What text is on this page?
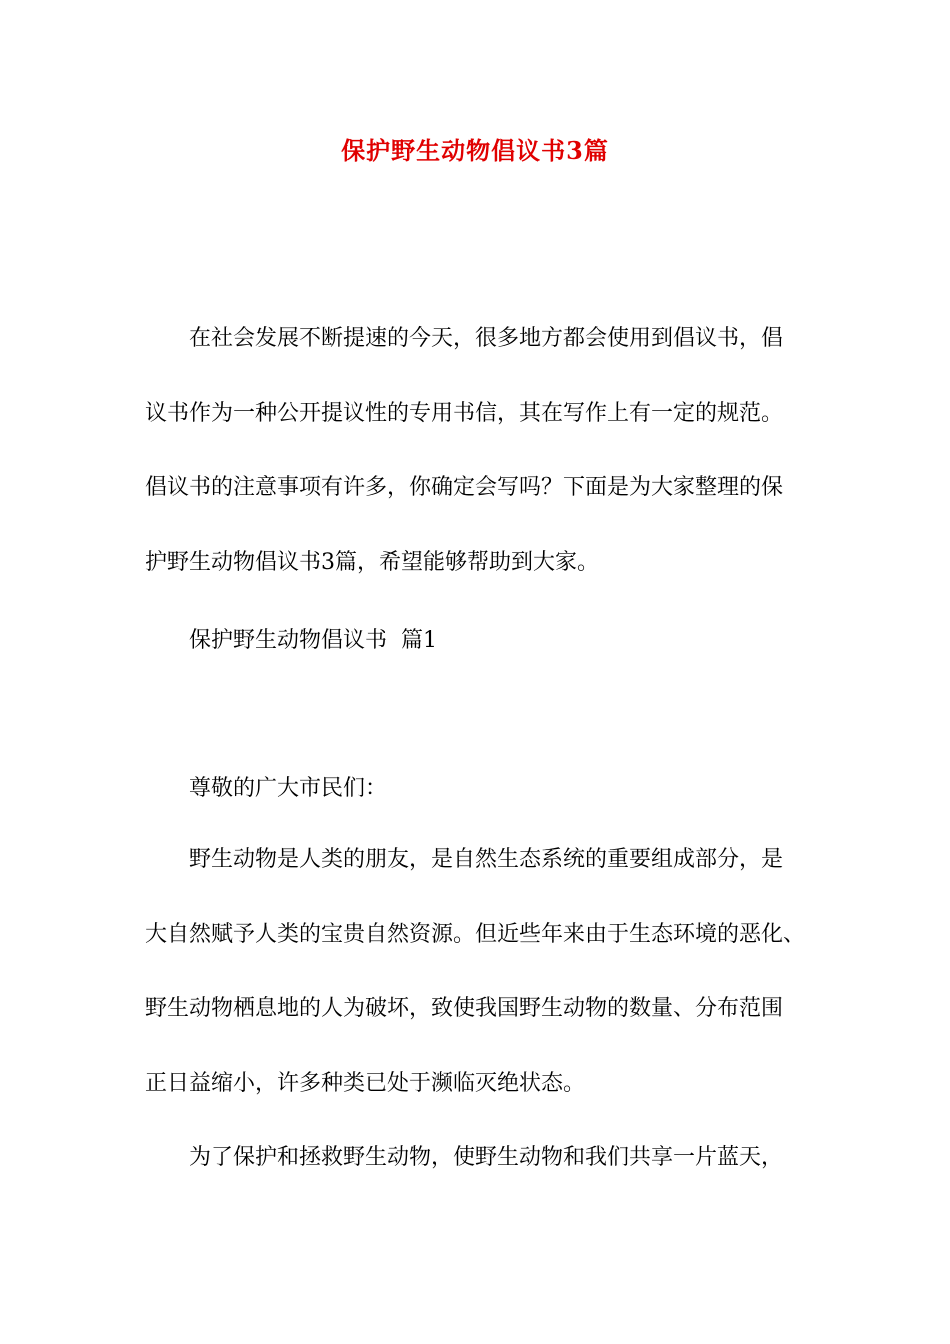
保护野生动物倡议书3篇
在社会发展不断提速的今天，很多地方都会使用到倡议书，倡
议书作为一种公开提议性的专用书信，其在写作上有一定的规范。
倡议书的注意事项有许多，你确定会写吗？下面是为大家整理的保
护野生动物倡议书3篇，希望能够帮助到大家。
保护野生动物倡议书  篇1
尊敬的广大市民们：
野生动物是人类的朋友，是自然生态系统的重要组成部分，是
大自然赋予人类的宝贵自然资源。但近些年来由于生态环境的恶化、
野生动物栖息地的人为破坏，致使我国野生动物的数量、分布范围
正日益缩小，许多种类已处于濒临灭绝状态。
为了保护和拯救野生动物，使野生动物和我们共享一片蓝天，
